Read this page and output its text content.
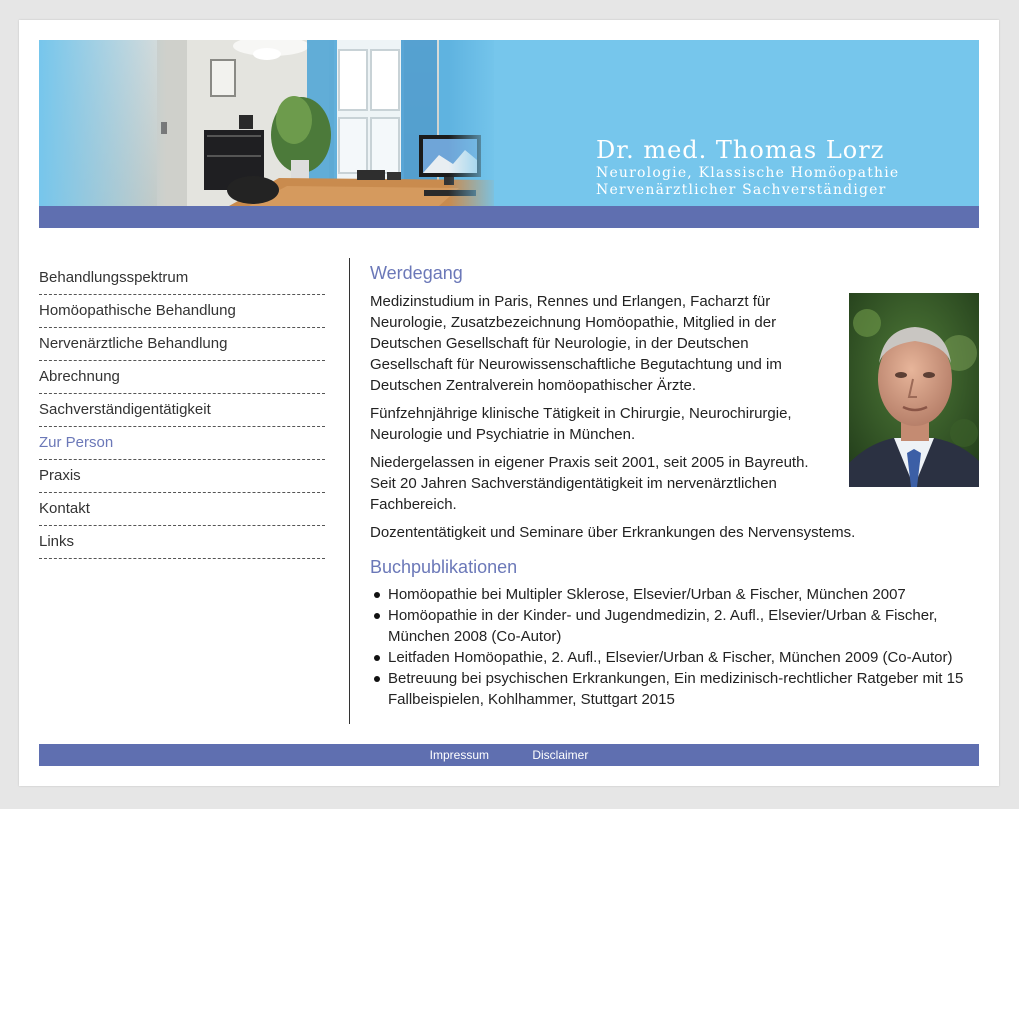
Dr. med. Thomas Lorz
Neurologie, Klassische Homöopathie
Nervenärztlicher Sachverständiger
Behandlungsspektrum
Homöopathische Behandlung
Nervenärztliche Behandlung
Abrechnung
Sachverständigentätigkeit
Zur Person
Praxis
Kontakt
Links
Werdegang

Medizinstudium in Paris, Rennes und Erlangen, Facharzt für Neurologie, Zusatzbezeichnung Homöopathie, Mitglied in der Deutschen Gesellschaft für Neurologie, in der Deutschen Gesellschaft für Neurowissenschaftliche Begutachtung und im Deutschen Zentralverein homöopathischer Ärzte.

Fünfzehnjährige klinische Tätigkeit in Chirurgie, Neurochirurgie, Neurologie und Psychiatrie in München.

Niedergelassen in eigener Praxis seit 2001, seit 2005 in Bayreuth. Seit 20 Jahren Sachverständigentätigkeit im nervenärztlichen Fachbereich.

Dozententätigkeit und Seminare über Erkrankungen des Nervensystems.

Buchpublikationen
Homöopathie bei Multipler Sklerose, Elsevier/Urban & Fischer, München 2007
Homöopathie in der Kinder- und Jugendmedizin, 2. Aufl., Elsevier/Urban & Fischer, München 2008 (Co-Autor)
Leitfaden Homöopathie, 2. Aufl., Elsevier/Urban & Fischer, München 2009 (Co-Autor)
Betreuung bei psychischen Erkrankungen, Ein medizinisch-rechtlicher Ratgeber mit 15 Fallbeispielen, Kohlhammer, Stuttgart 2015
Impressum	Disclaimer
